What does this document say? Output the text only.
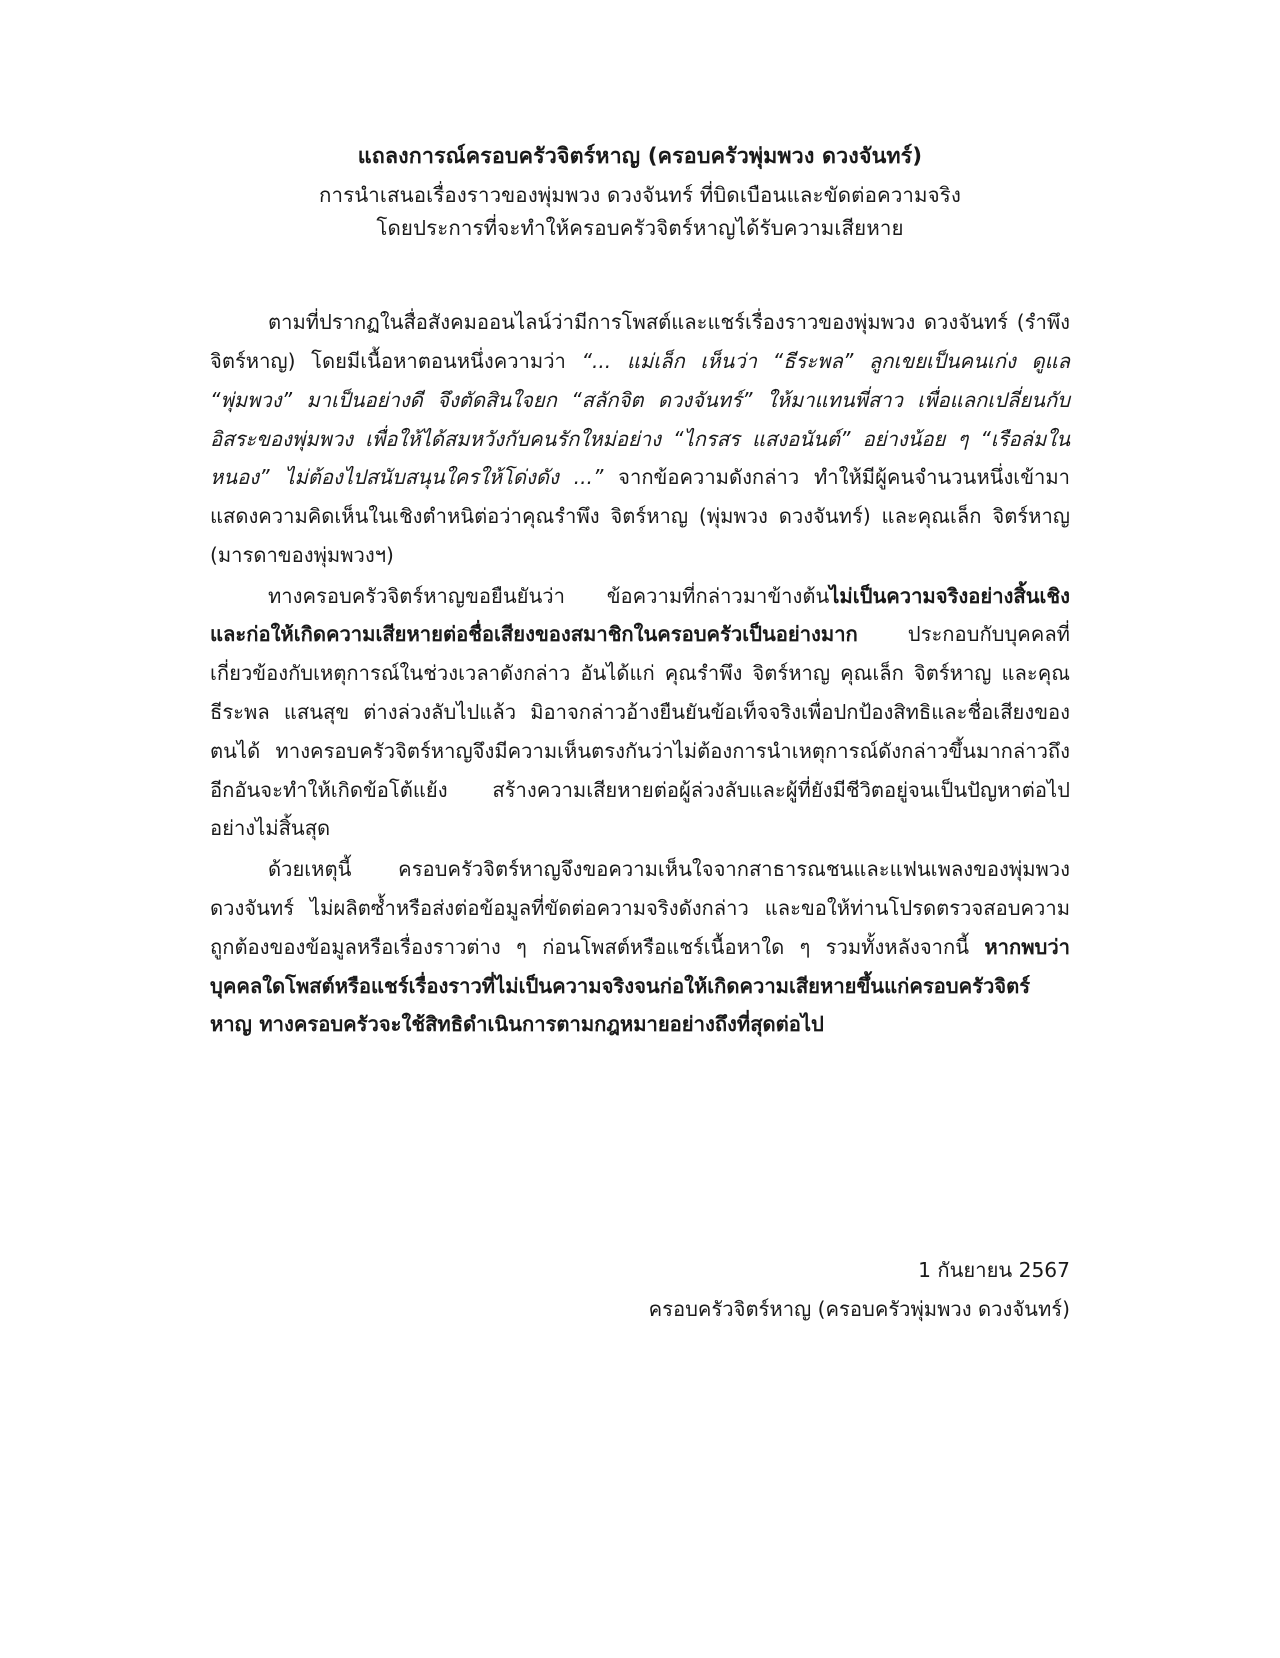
แถลงการณ์ครอบครัวจิตร์หาญ (ครอบครัวพุ่มพวง ดวงจันทร์)

การนำเสนอเรื่องราวของพุ่มพวง ดวงจันทร์ ที่บิดเบือนและขัดต่อความจริง

โดยประการที่จะทำให้ครอบครัวจิตร์หาญได้รับความเสียหาย

ตามที่ปรากฏในสื่อสังคมออนไลน์ว่ามีการโพสต์และแชร์เรื่องราวของพุ่มพวง ดวงจันทร์ (รำพึง จิตร์หาญ) โดยมีเนื้อหาตอนหนึ่งความว่า “... แม่เล็ก เห็นว่า “ธีระพล” ลูกเขยเป็นคนเก่ง ดูแล “พุ่มพวง” มาเป็นอย่างดี จึงตัดสินใจยก “สลักจิต ดวงจันทร์” ให้มาแทนพี่สาว เพื่อแลกเปลี่ยนกับอิสระของพุ่มพวง เพื่อให้ได้สมหวังกับคนรักใหม่อย่าง “ไกรสร แสงอนันต์” อย่างน้อย ๆ “เรือล่มในหนอง” ไม่ต้องไปสนับสนุนใครให้โด่งดัง ...” จากข้อความดังกล่าว ทำให้มีผู้คนจำนวนหนึ่งเข้ามาแสดงความคิดเห็นในเชิงตำหนิต่อว่าคุณรำพึง จิตร์หาญ (พุ่มพวง ดวงจันทร์) และคุณเล็ก จิตร์หาญ (มารดาของพุ่มพวงฯ)

ทางครอบครัวจิตร์หาญขอยืนยันว่า ข้อความที่กล่าวมาข้างต้นไม่เป็นความจริงอย่างสิ้นเชิง และก่อให้เกิดความเสียหายต่อชื่อเสียงของสมาชิกในครอบครัวเป็นอย่างมาก ประกอบกับบุคคลที่เกี่ยวข้องกับเหตุการณ์ในช่วงเวลาดังกล่าว อันได้แก่ คุณรำพึง จิตร์หาญ คุณเล็ก จิตร์หาญ และคุณธีระพล แสนสุข ต่างล่วงลับไปแล้ว มิอาจกล่าวอ้างยืนยันข้อเท็จจริงเพื่อปกป้องสิทธิและชื่อเสียงของตนได้ ทางครอบครัวจิตร์หาญจึงมีความเห็นตรงกันว่าไม่ต้องการนำเหตุการณ์ดังกล่าวขึ้นมากล่าวถึงอีกอันจะทำให้เกิดข้อโต้แย้ง สร้างความเสียหายต่อผู้ล่วงลับและผู้ที่ยังมีชีวิตอยู่จนเป็นปัญหาต่อไปอย่างไม่สิ้นสุด

ด้วยเหตุนี้ ครอบครัวจิตร์หาญจึงขอความเห็นใจจากสาธารณชนและแฟนเพลงของพุ่มพวง ดวงจันทร์ ไม่ผลิตซ้ำหรือส่งต่อข้อมูลที่ขัดต่อความจริงดังกล่าว และขอให้ท่านโปรดตรวจสอบความถูกต้องของข้อมูลหรือเรื่องราวต่าง ๆ ก่อนโพสต์หรือแชร์เนื้อหาใด ๆ รวมทั้งหลังจากนี้ หากพบว่าบุคคลใดโพสต์หรือแชร์เรื่องราวที่ไม่เป็นความจริงจนก่อให้เกิดความเสียหายขึ้นแก่ครอบครัวจิตร์หาญ ทางครอบครัวจะใช้สิทธิดำเนินการตามกฎหมายอย่างถึงที่สุดต่อไป

1 กันยายน 2567

ครอบครัวจิตร์หาญ (ครอบครัวพุ่มพวง ดวงจันทร์)
